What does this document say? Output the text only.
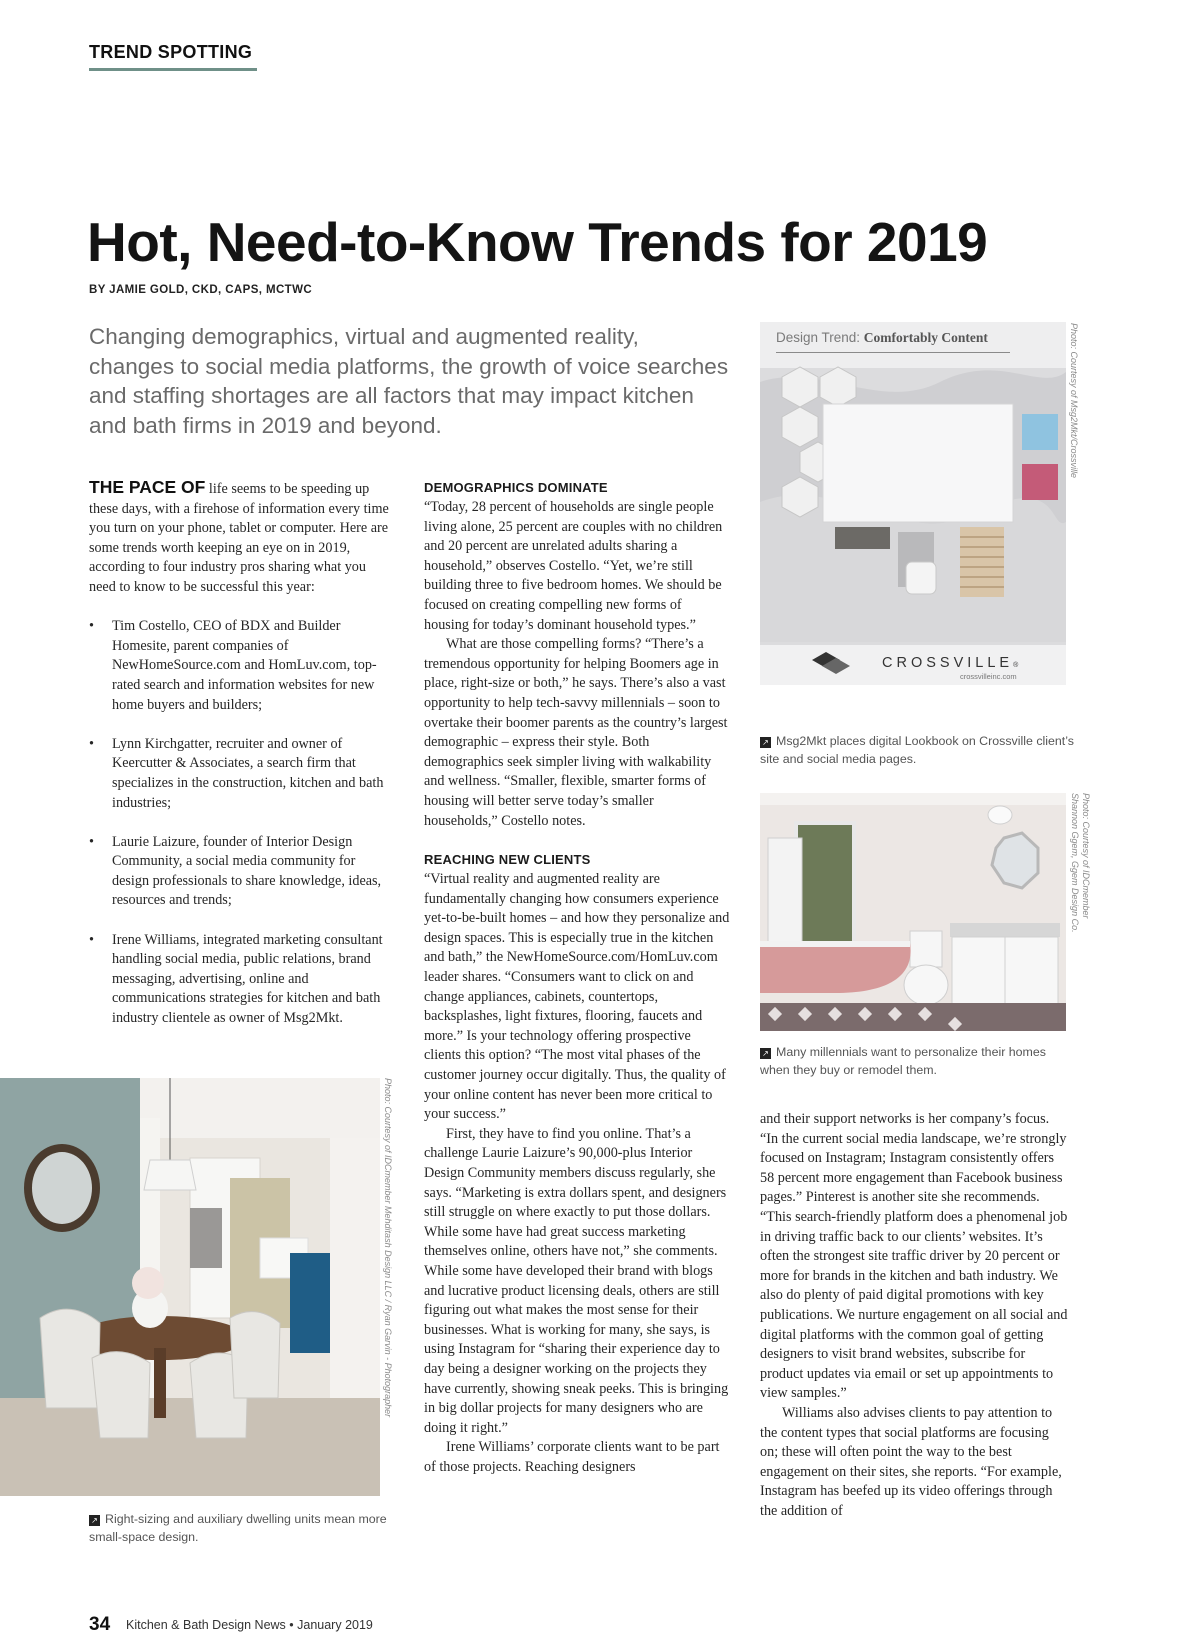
TREND SPOTTING
Hot, Need-to-Know Trends for 2019
BY JAMIE GOLD, CKD, CAPS, MCTWC
Changing demographics, virtual and augmented reality, changes to social media platforms, the growth of voice searches and staffing shortages are all factors that may impact kitchen and bath firms in 2019 and beyond.

THE PACE OF life seems to be speeding up these days, with a firehose of information every time you turn on your phone, tablet or computer. Here are some trends worth keeping an eye on in 2019, according to four industry pros sharing what you need to know to be successful this year:

• Tim Costello, CEO of BDX and Builder Homesite, parent companies of NewHomeSource.com and HomLuv.com, top-rated search and information websites for new home buyers and builders;
• Lynn Kirchgatter, recruiter and owner of Keercutter & Associates, a search firm that specializes in the construction, kitchen and bath industries;
• Laurie Laizure, founder of Interior Design Community, a social media community for design professionals to share knowledge, ideas, resources and trends;
• Irene Williams, integrated marketing consultant handling social media, public relations, brand messaging, advertising, online and communications strategies for kitchen and bath industry clientele as owner of Msg2Mkt.
DEMOGRAPHICS DOMINATE

“Today, 28 percent of households are single people living alone, 25 percent are couples with no children and 20 percent are unrelated adults sharing a household,” observes Costello. “Yet, we’re still building three to five bedroom homes. We should be focused on creating compelling new forms of housing for today’s dominant household types.”

What are those compelling forms? “There’s a tremendous opportunity for helping Boomers age in place, right-size or both,” he says. There’s also a vast opportunity to help tech-savvy millennials – soon to overtake their boomer parents as the country’s largest demographic – express their style. Both demographics seek simpler living with walkability and wellness. “Smaller, flexible, smarter forms of housing will better serve today’s smaller households,” Costello notes.

REACHING NEW CLIENTS

“Virtual reality and augmented reality are fundamentally changing how consumers experience yet-to-be-built homes – and how they personalize and design spaces. This is especially true in the kitchen and bath,” the NewHomeSource.com/HomLuv.com leader shares. “Consumers want to click on and change appliances, cabinets, countertops, backsplashes, light fixtures, flooring, faucets and more.” Is your technology offering prospective clients this option? “The most vital phases of the customer journey occur digitally. Thus, the quality of your online content has never been more critical to your success.”

First, they have to find you online. That’s a challenge Laurie Laizure’s 90,000-plus Interior Design Community members discuss regularly, she says. “Marketing is extra dollars spent, and designers still struggle on where exactly to put those dollars. While some have had great success marketing themselves online, others have not,” she comments. While some have developed their brand with blogs and lucrative product licensing deals, others are still figuring out what makes the most sense for their businesses. What is working for many, she says, is using Instagram for “sharing their experience day to day being a designer working on the projects they have currently, showing sneak peeks. This is bringing in big dollar projects for many designers who are doing it right.”

Irene Williams’ corporate clients want to be part of those projects. Reaching designers

and their support networks is her company’s focus. “In the current social media landscape, we’re strongly focused on Instagram; Instagram consistently offers 58 percent more engagement than Facebook business pages.” Pinterest is another site she recommends. “This search-friendly platform does a phenomenal job in driving traffic back to our clients’ websites. It’s often the strongest site traffic driver by 20 percent or more for brands in the kitchen and bath industry. We also do plenty of paid digital promotions with key publications. We nurture engagement on all social and digital platforms with the common goal of getting designers to visit brand websites, subscribe for product updates via email or set up appointments to view samples.”

Williams also advises clients to pay attention to the content types that social platforms are focusing on; these will often point the way to the best engagement on their sites, she reports. “For example, Instagram has beefed up its video offerings through the addition of

Design Trend: Comfortably Content
CROSSVILLE®
crossvilleinc.com
Photo: Courtesy of Msg2Mkt/Crossville
↗ Msg2Mkt places digital Lookbook on Crossville client’s site and social media pages.
Photo: Courtesy of IDCmember
Shannon Ggem, Ggem Design Co.
↗ Many millennials want to personalize their homes when they buy or remodel them.
Photo: Courtesy of IDCmember Mehditash Design LLC / Ryan Garvin - Photographer
↗ Right-sizing and auxiliary dwelling units mean more small-space design.
34 Kitchen & Bath Design News • January 2019
